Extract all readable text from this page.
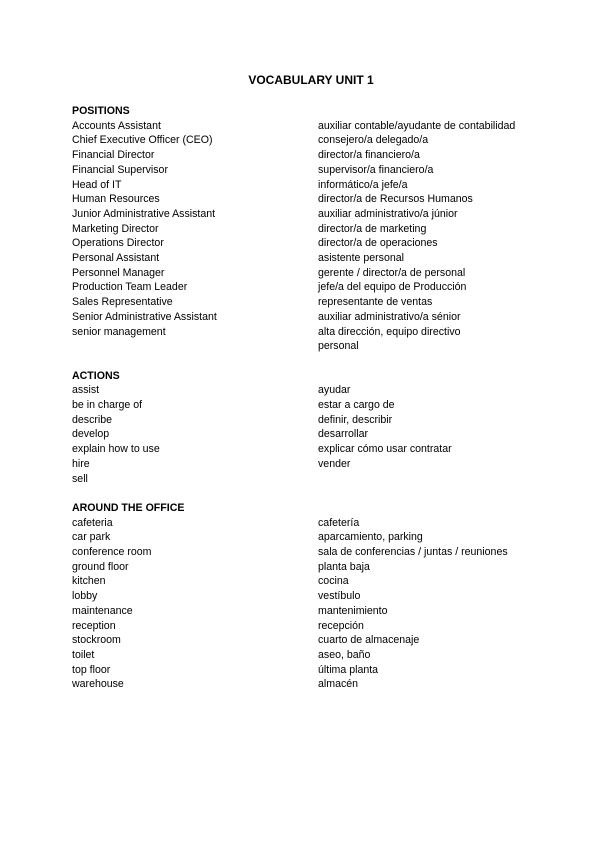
VOCABULARY UNIT 1
POSITIONS
Accounts Assistant	auxiliar contable/ayudante de contabilidad
Chief Executive Officer (CEO)	consejero/a delegado/a
Financial Director	director/a financiero/a
Financial Supervisor	supervisor/a financiero/a
Head of IT	informático/a jefe/a
Human Resources	director/a de Recursos Humanos
Junior Administrative Assistant	auxiliar administrativo/a júnior
Marketing Director	director/a de marketing
Operations Director	director/a de operaciones
Personal Assistant	asistente personal
Personnel Manager	gerente / director/a de personal
Production Team Leader	jefe/a del equipo de Producción
Sales Representative	representante de ventas
Senior Administrative Assistant	auxiliar administrativo/a sénior
senior management	alta dirección, equipo directivo
personal
ACTIONS
assist	ayudar
be in charge of	estar a cargo de
describe	definir, describir
develop	desarrollar
explain how to use	explicar cómo usar contratar
hire	vender
sell
AROUND THE OFFICE
cafeteria	cafetería
car park	aparcamiento, parking
conference room	sala de conferencias / juntas / reuniones
ground floor	planta baja
kitchen	cocina
lobby	vestíbulo
maintenance	mantenimiento
reception	recepción
stockroom	cuarto de almacenaje
toilet	aseo, baño
top floor	última planta
warehouse	almacén
